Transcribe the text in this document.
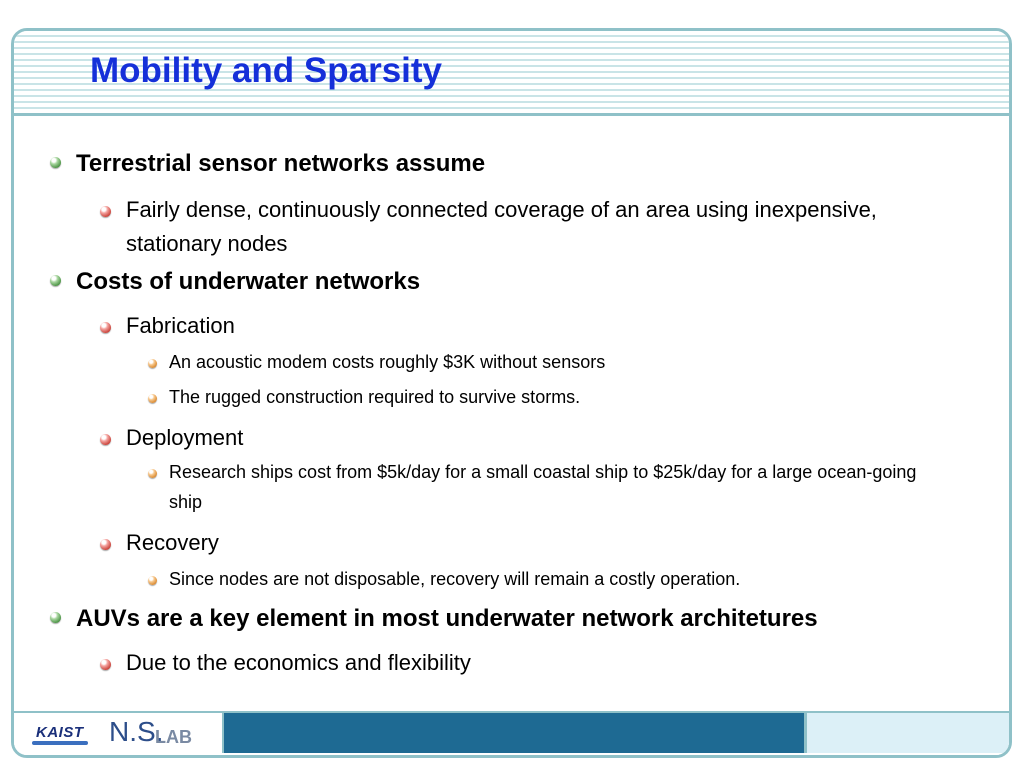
Mobility and Sparsity
Terrestrial sensor networks assume
Fairly dense, continuously connected coverage of an area using inexpensive, stationary nodes
Costs of underwater networks
Fabrication
An acoustic modem costs roughly $3K without sensors
The rugged construction required to survive storms.
Deployment
Research ships cost from $5k/day for a small coastal ship to $25k/day for a large ocean-going ship
Recovery
Since nodes are not disposable, recovery will remain a costly operation.
AUVs are a key element in most underwater network architetures
Due to the economics and flexibility
KAIST N.S.
LAB
